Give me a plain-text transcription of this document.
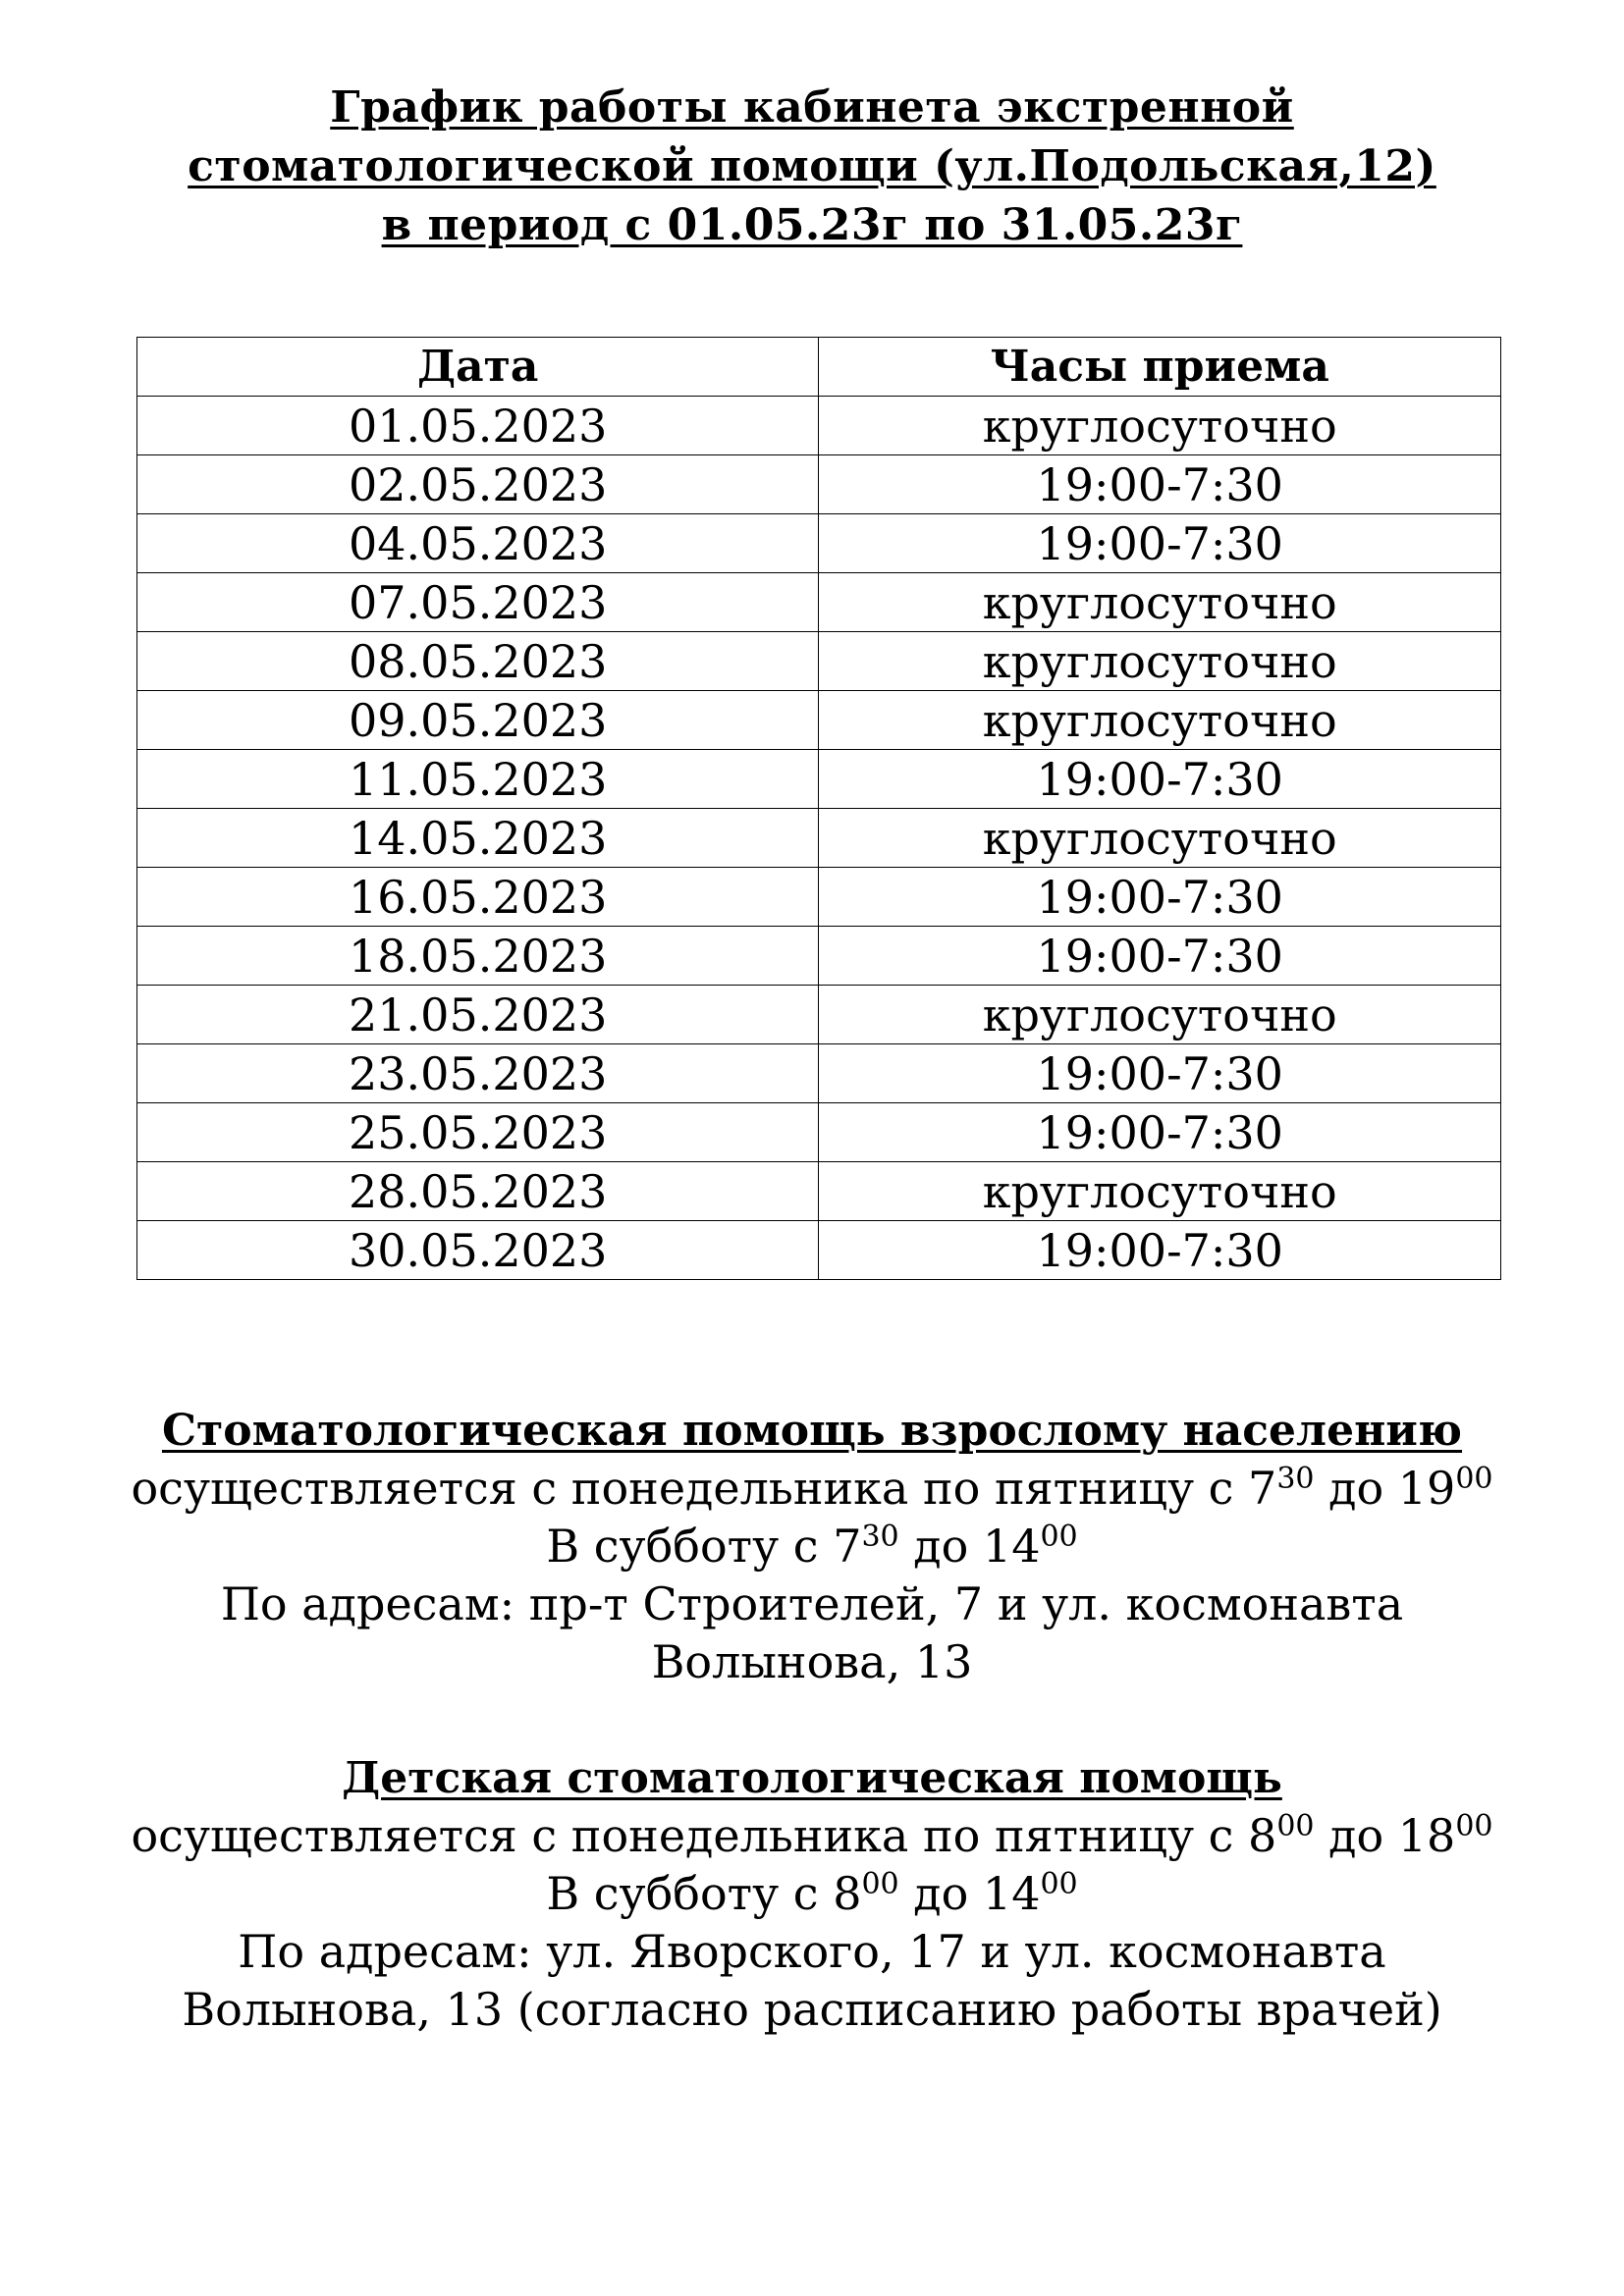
График работы кабинета экстренной
стоматологической помощи (ул.Подольская,12)
в период с 01.05.23г по 31.05.23г
Дата	Часы приема
01.05.2023	круглосуточно
02.05.2023	19:00-7:30
04.05.2023	19:00-7:30
07.05.2023	круглосуточно
08.05.2023	круглосуточно
09.05.2023	круглосуточно
11.05.2023	19:00-7:30
14.05.2023	круглосуточно
16.05.2023	19:00-7:30
18.05.2023	19:00-7:30
21.05.2023	круглосуточно
23.05.2023	19:00-7:30
25.05.2023	19:00-7:30
28.05.2023	круглосуточно
30.05.2023	19:00-7:30
Стоматологическая помощь взрослому населению
осуществляется с понедельника по пятницу с $7^{30}$ до $19^{00}$
В субботу с $7^{30}$ до $14^{00}$
По адресам: пр-т Строителей, 7 и ул. космонавта
Волынова, 13
Детская стоматологическая помощь
осуществляется с понедельника по пятницу с $8^{00}$ до $18^{00}$
В субботу с $8^{00}$ до $14^{00}$
По адресам: ул. Яворского, 17 и ул. космонавта
Волынова, 13 (согласно расписанию работы врачей)
